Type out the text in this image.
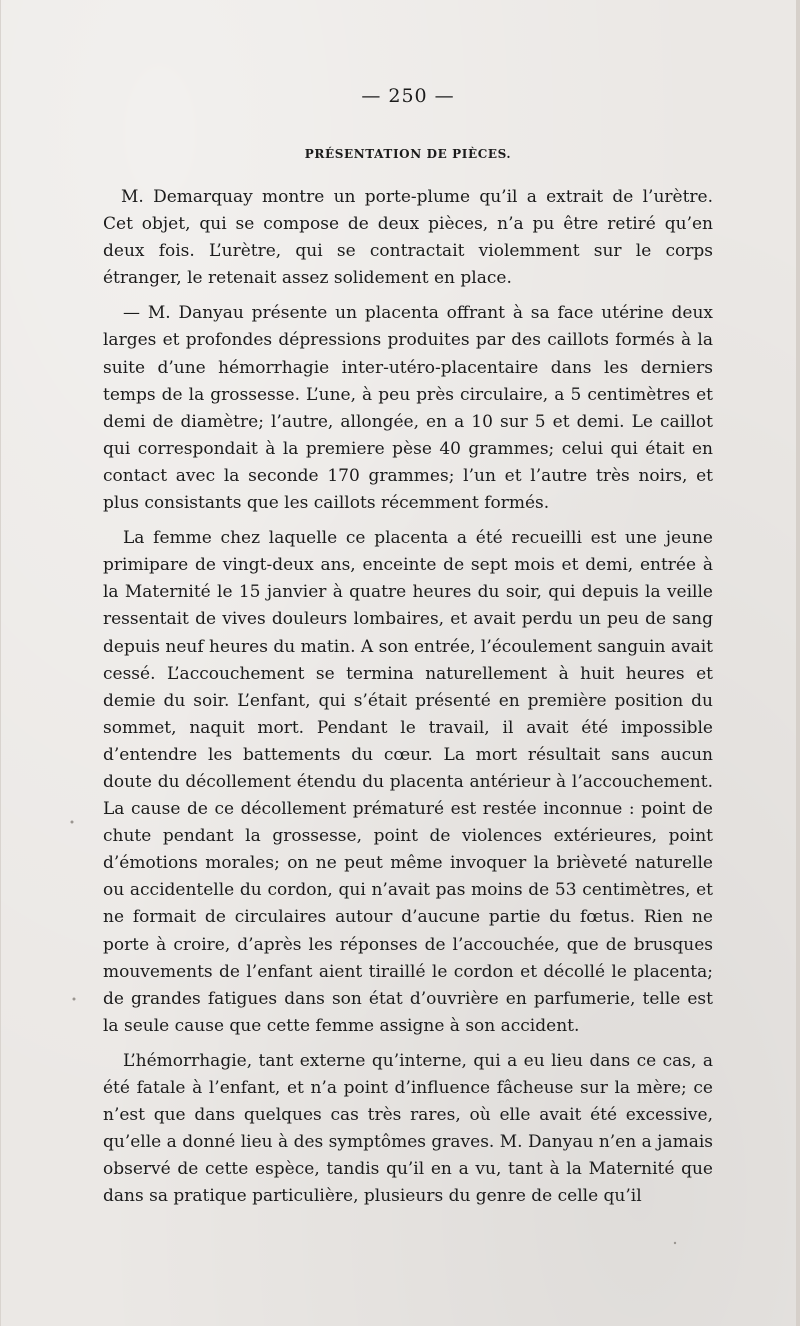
— 250 —
PRÉSENTATION DE PIÈCES.

M. Demarquay montre un porte-plume qu’il a extrait de l’urètre. Cet objet, qui se compose de deux pièces, n’a pu être retiré qu’en deux fois. L’urètre, qui se contractait violemment sur le corps étranger, le retenait assez solidement en place.

— M. Danyau présente un placenta offrant à sa face utérine deux larges et profondes dépressions produites par des caillots formés à la suite d’une hémorrhagie inter-utéro-placentaire dans les derniers temps de la grossesse. L’une, à peu près circulaire, a 5 centimètres et demi de diamètre; l’autre, allongée, en a 10 sur 5 et demi. Le caillot qui correspondait à la premiere pèse 40 grammes; celui qui était en contact avec la seconde 170 grammes; l’un et l’autre très noirs, et plus consistants que les caillots récemment formés.

La femme chez laquelle ce placenta a été recueilli est une jeune primipare de vingt-deux ans, enceinte de sept mois et demi, entrée à la Maternité le 15 janvier à quatre heures du soir, qui depuis la veille ressentait de vives douleurs lombaires, et avait perdu un peu de sang depuis neuf heures du matin. A son entrée, l’écoulement sanguin avait cessé. L’accouchement se termina naturellement à huit heures et demie du soir. L’enfant, qui s’était présenté en première position du sommet, naquit mort. Pendant le travail, il avait été impossible d’entendre les battements du cœur. La mort résultait sans aucun doute du décollement étendu du placenta antérieur à l’accouchement. La cause de ce décollement prématuré est restée inconnue : point de chute pendant la grossesse, point de violences extérieures, point d’émotions morales; on ne peut même invoquer la brièveté naturelle ou accidentelle du cordon, qui n’avait pas moins de 53 centimètres, et ne formait de circulaires autour d’aucune partie du fœtus. Rien ne porte à croire, d’après les réponses de l’accouchée, que de brusques mouvements de l’enfant aient tiraillé le cordon et décollé le placenta; de grandes fatigues dans son état d’ouvrière en parfumerie, telle est la seule cause que cette femme assigne à son accident.

L’hémorrhagie, tant externe qu’interne, qui a eu lieu dans ce cas, a été fatale à l’enfant, et n’a point d’influence fâcheuse sur la mère; ce n’est que dans quelques cas très rares, où elle avait été excessive, qu’elle a donné lieu à des symptômes graves. M. Danyau n’en a jamais observé de cette espèce, tandis qu’il en a vu, tant à la Maternité que dans sa pratique particulière, plusieurs du genre de celle qu’il
